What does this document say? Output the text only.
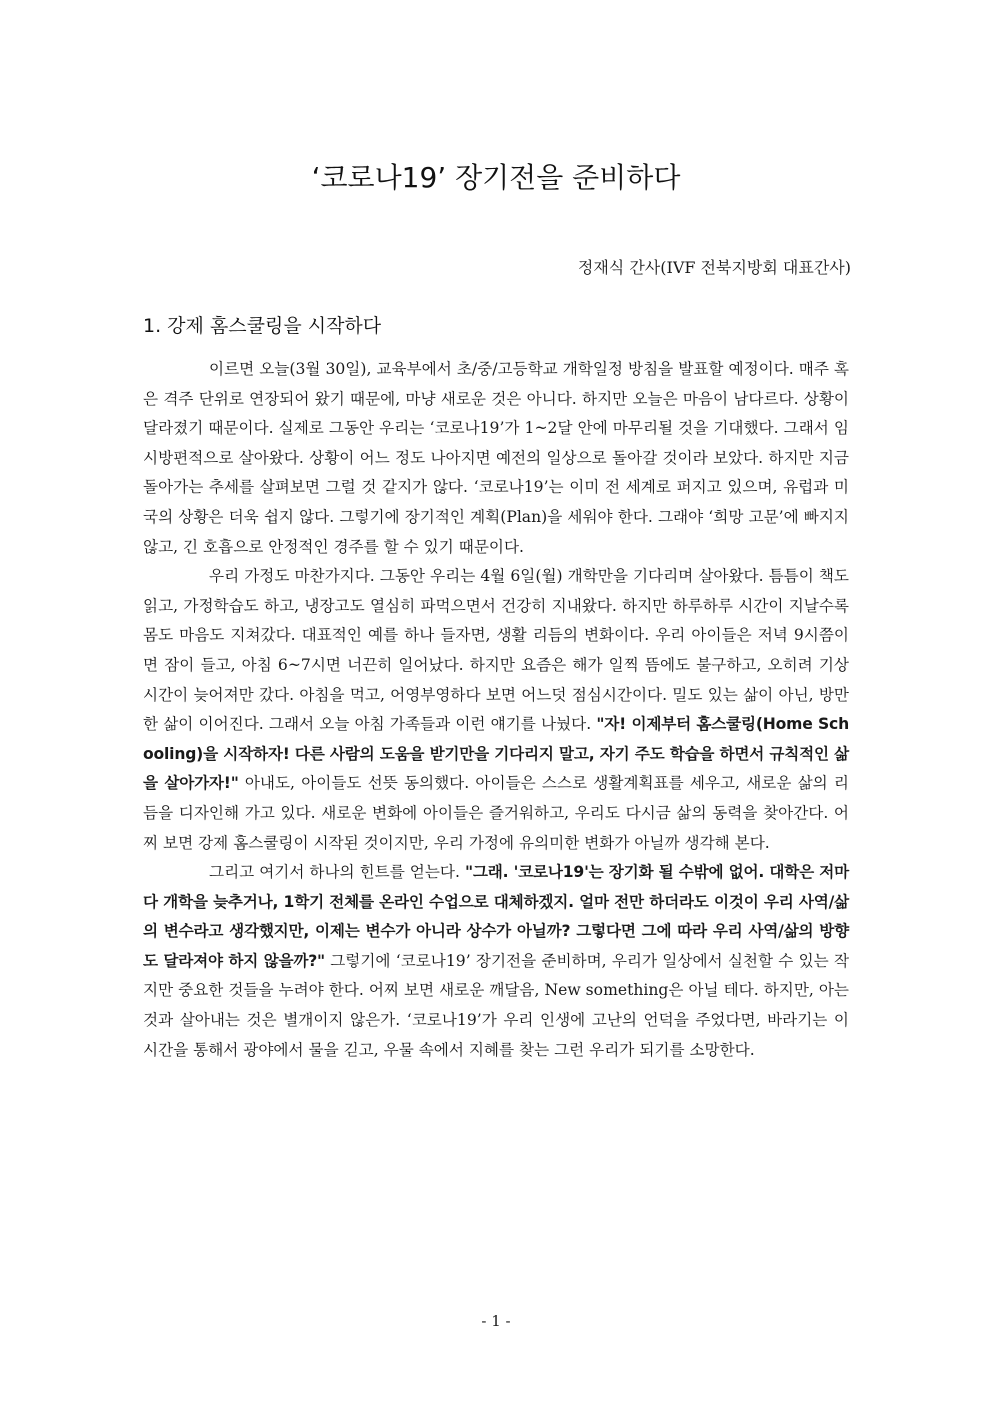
‘코로나19’ 장기전을 준비하다
정재식 간사(IVF 전북지방회 대표간사)
1. 강제 홈스쿨링을 시작하다

이르면 오늘(3월 30일), 교육부에서 초/중/고등학교 개학일정 방침을 발표할 예정이다. 매주 혹은 격주 단위로 연장되어 왔기 때문에, 마냥 새로운 것은 아니다. 하지만 오늘은 마음이 남다르다. 상황이 달라졌기 때문이다. 실제로 그동안 우리는 ‘코로나19’가 1~2달 안에 마무리될 것을 기대했다. 그래서 임시방편적으로 살아왔다. 상황이 어느 정도 나아지면 예전의 일상으로 돌아갈 것이라 보았다. 하지만 지금 돌아가는 추세를 살펴보면 그럴 것 같지가 않다. ‘코로나19’는 이미 전 세계로 퍼지고 있으며, 유럽과 미국의 상황은 더욱 쉽지 않다. 그렇기에 장기적인 계획(Plan)을 세워야 한다. 그래야 ‘희망 고문’에 빠지지 않고, 긴 호흡으로 안정적인 경주를 할 수 있기 때문이다.

우리 가정도 마찬가지다. 그동안 우리는 4월 6일(월) 개학만을 기다리며 살아왔다. 틈틈이 책도 읽고, 가정학습도 하고, 냉장고도 열심히 파먹으면서 건강히 지내왔다. 하지만 하루하루 시간이 지날수록 몸도 마음도 지쳐갔다. 대표적인 예를 하나 들자면, 생활 리듬의 변화이다. 우리 아이들은 저녁 9시쯤이면 잠이 들고, 아침 6~7시면 너끈히 일어났다. 하지만 요즘은 해가 일찍 뜸에도 불구하고, 오히려 기상 시간이 늦어져만 갔다. 아침을 먹고, 어영부영하다 보면 어느덧 점심시간이다. 밀도 있는 삶이 아닌, 방만한 삶이 이어진다. 그래서 오늘 아침 가족들과 이런 얘기를 나눴다. "자! 이제부터 홈스쿨링(Home Schooling)을 시작하자! 다른 사람의 도움을 받기만을 기다리지 말고, 자기 주도 학습을 하면서 규칙적인 삶을 살아가자!" 아내도, 아이들도 선뜻 동의했다. 아이들은 스스로 생활계획표를 세우고, 새로운 삶의 리듬을 디자인해 가고 있다. 새로운 변화에 아이들은 즐거워하고, 우리도 다시금 삶의 동력을 찾아간다. 어찌 보면 강제 홈스쿨링이 시작된 것이지만, 우리 가정에 유의미한 변화가 아닐까 생각해 본다.

그리고 여기서 하나의 힌트를 얻는다. "그래. '코로나19'는 장기화 될 수밖에 없어. 대학은 저마다 개학을 늦추거나, 1학기 전체를 온라인 수업으로 대체하겠지. 얼마 전만 하더라도 이것이 우리 사역/삶의 변수라고 생각했지만, 이제는 변수가 아니라 상수가 아닐까? 그렇다면 그에 따라 우리 사역/삶의 방향도 달라져야 하지 않을까?" 그렇기에 ‘코로나19’ 장기전을 준비하며, 우리가 일상에서 실천할 수 있는 작지만 중요한 것들을 누려야 한다. 어찌 보면 새로운 깨달음, New something은 아닐 테다. 하지만, 아는 것과 살아내는 것은 별개이지 않은가. ‘코로나19’가 우리 인생에 고난의 언덕을 주었다면, 바라기는 이 시간을 통해서 광야에서 물을 긷고, 우물 속에서 지혜를 찾는 그런 우리가 되기를 소망한다.

- 1 -
